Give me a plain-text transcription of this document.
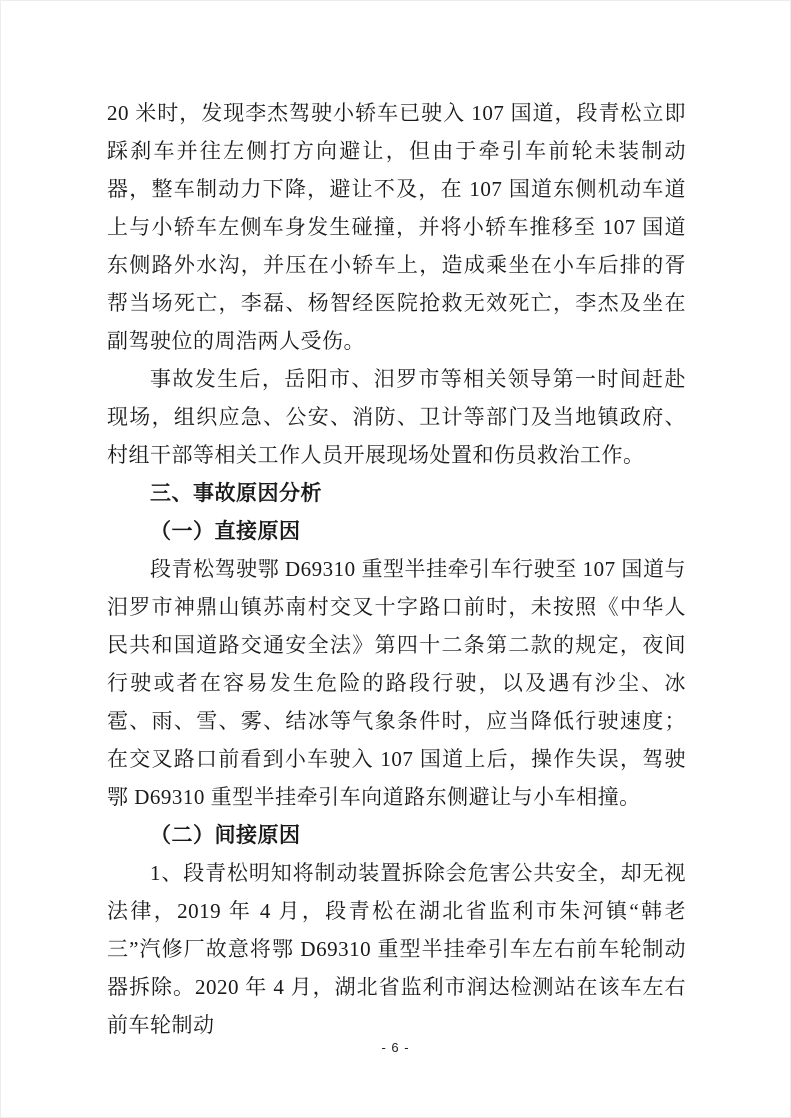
20 米时，发现李杰驾驶小轿车已驶入 107 国道，段青松立即踩刹车并往左侧打方向避让，但由于牵引车前轮未装制动器，整车制动力下降，避让不及，在 107 国道东侧机动车道上与小轿车左侧车身发生碰撞，并将小轿车推移至 107 国道东侧路外水沟，并压在小轿车上，造成乘坐在小车后排的胥帮当场死亡，李磊、杨智经医院抢救无效死亡，李杰及坐在副驾驶位的周浩两人受伤。

事故发生后，岳阳市、汨罗市等相关领导第一时间赶赴现场，组织应急、公安、消防、卫计等部门及当地镇政府、村组干部等相关工作人员开展现场处置和伤员救治工作。

三、事故原因分析
（一）直接原因

段青松驾驶鄂 D69310 重型半挂牵引车行驶至 107 国道与汨罗市神鼎山镇苏南村交叉十字路口前时，未按照《中华人民共和国道路交通安全法》第四十二条第二款的规定，夜间行驶或者在容易发生危险的路段行驶，以及遇有沙尘、冰雹、雨、雪、雾、结冰等气象条件时，应当降低行驶速度；在交叉路口前看到小车驶入 107 国道上后，操作失误，驾驶鄂 D69310 重型半挂牵引车向道路东侧避让与小车相撞。

（二）间接原因

1、段青松明知将制动装置拆除会危害公共安全，却无视法律，2019 年 4 月，段青松在湖北省监利市朱河镇“韩老三”汽修厂故意将鄂 D69310 重型半挂牵引车左右前车轮制动器拆除。2020 年 4 月，湖北省监利市润达检测站在该车左右前车轮制动

- 6 -
